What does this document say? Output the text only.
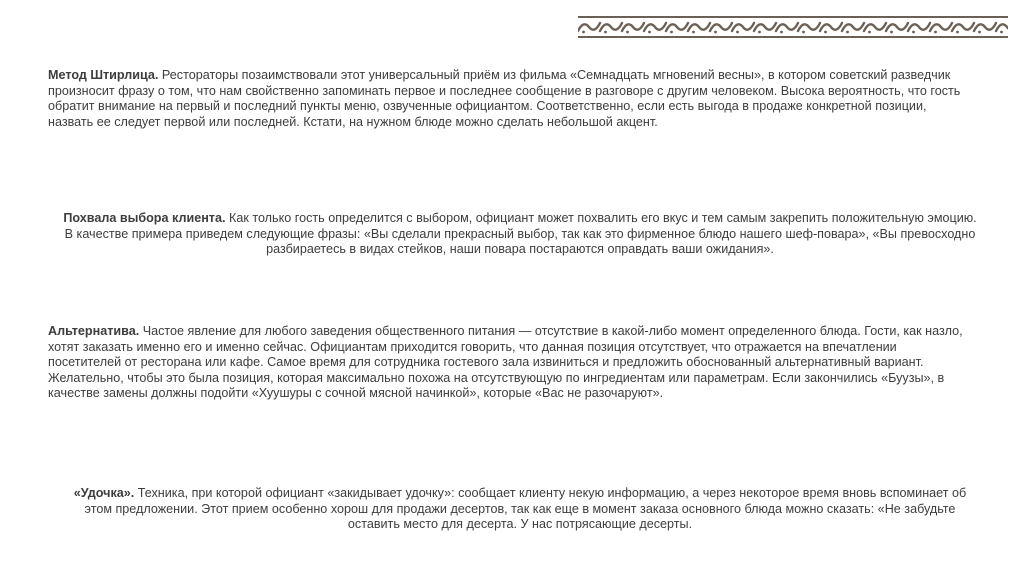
Метод Штирлица. Рестораторы позаимствовали этот универсальный приём из фильма «Семнадцать мгновений весны», в котором советский разведчик произносит фразу о том, что нам свойственно запоминать первое и последнее сообщение в разговоре с другим человеком. Высока вероятность, что гость обратит внимание на первый и последний пункты меню, озвученные официантом. Соответственно, если есть выгода в продаже конкретной позиции, назвать ее следует первой или последней. Кстати, на нужном блюде можно сделать небольшой акцент.
Похвала выбора клиента. Как только гость определится с выбором, официант может похвалить его вкус и тем самым закрепить положительную эмоцию. В качестве примера приведем следующие фразы: «Вы сделали прекрасный выбор, так как это фирменное блюдо нашего шеф-повара», «Вы превосходно разбираетесь в видах стейков, наши повара постараются оправдать ваши ожидания».
Альтернатива. Частое явление для любого заведения общественного питания — отсутствие в какой-либо момент определенного блюда. Гости, как назло, хотят заказать именно его и именно сейчас. Официантам приходится говорить, что данная позиция отсутствует, что отражается на впечатлении посетителей от ресторана или кафе. Самое время для сотрудника гостевого зала извиниться и предложить обоснованный альтернативный вариант. Желательно, чтобы это была позиция, которая максимально похожа на отсутствующую по ингредиентам или параметрам. Если закончились «Буузы», в качестве замены должны подойти «Хуушуры с сочной мясной начинкой», которые «Вас не разочаруют».
«Удочка». Техника, при которой официант «закидывает удочку»: сообщает клиенту некую информацию, а через некоторое время вновь вспоминает об этом предложении. Этот прием особенно хорош для продажи десертов, так как еще в момент заказа основного блюда можно сказать: «Не забудьте оставить место для десерта. У нас потрясающие десерты.
